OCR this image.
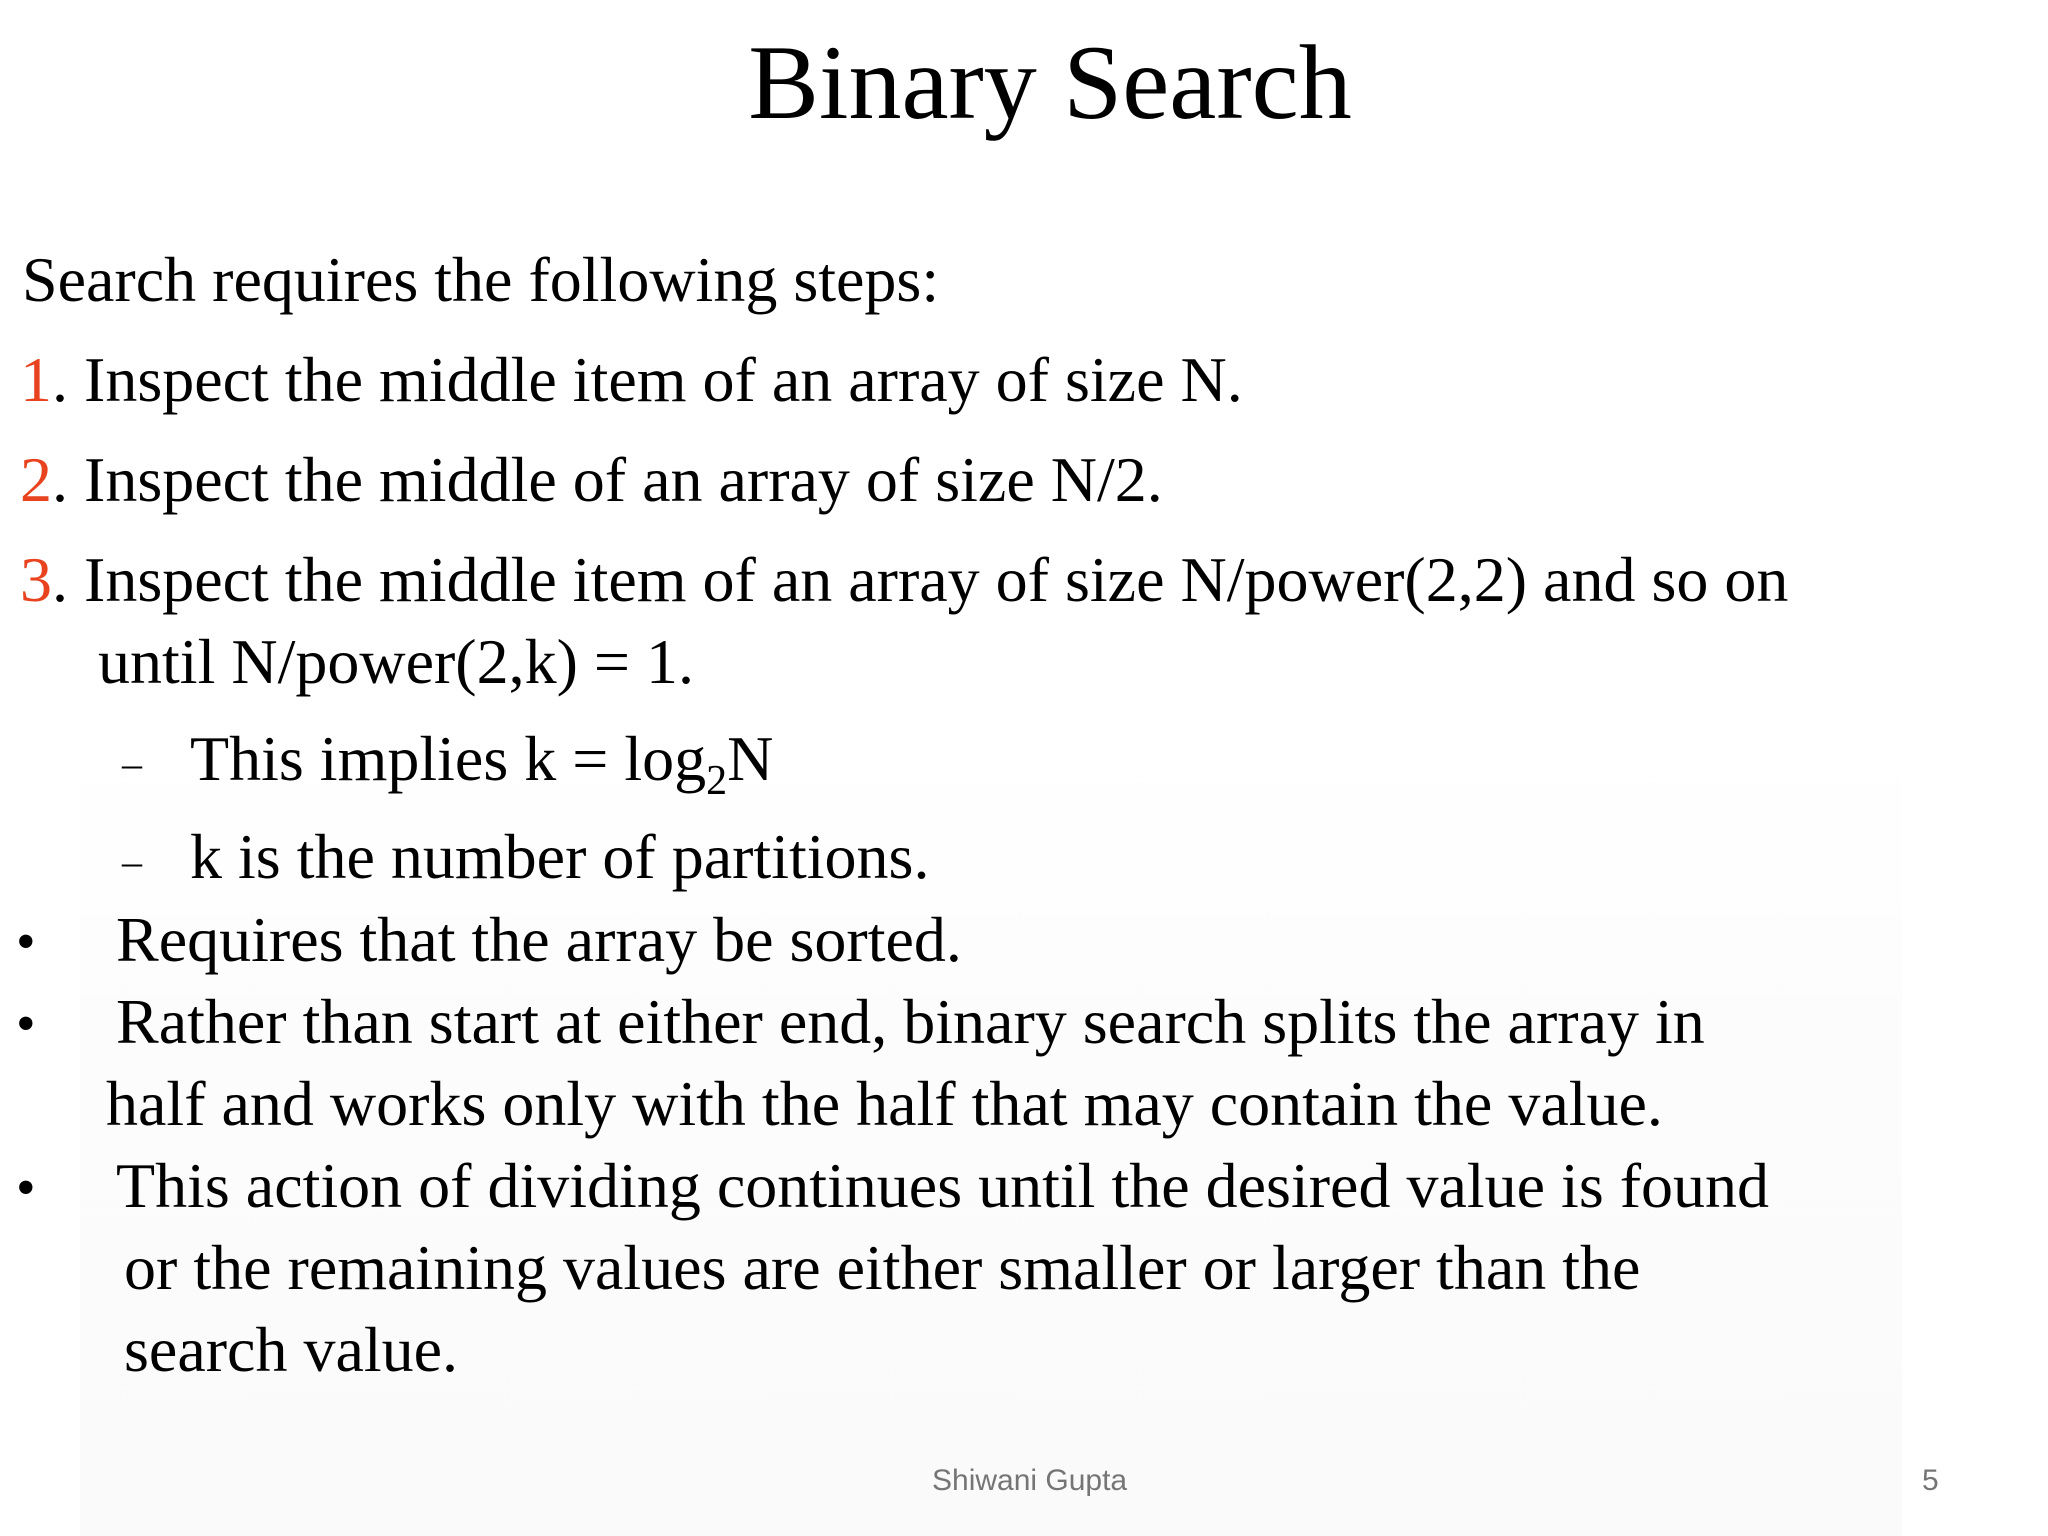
Binary Search
Search requires the following steps:
1. Inspect the middle item of an array of size N.
2. Inspect the middle of an array of size N/2.
3. Inspect the middle item of an array of size N/power(2,2) and so on
until N/power(2,k) = 1.
– This implies $k = \log_2N$
– k is the number of partitions.
• Requires that the array be sorted.
• Rather than start at either end, binary search splits the array in
half and works only with the half that may contain the value.
• This action of dividing continues until the desired value is found
or the remaining values are either smaller or larger than the
search value.
Shiwani Gupta	5
